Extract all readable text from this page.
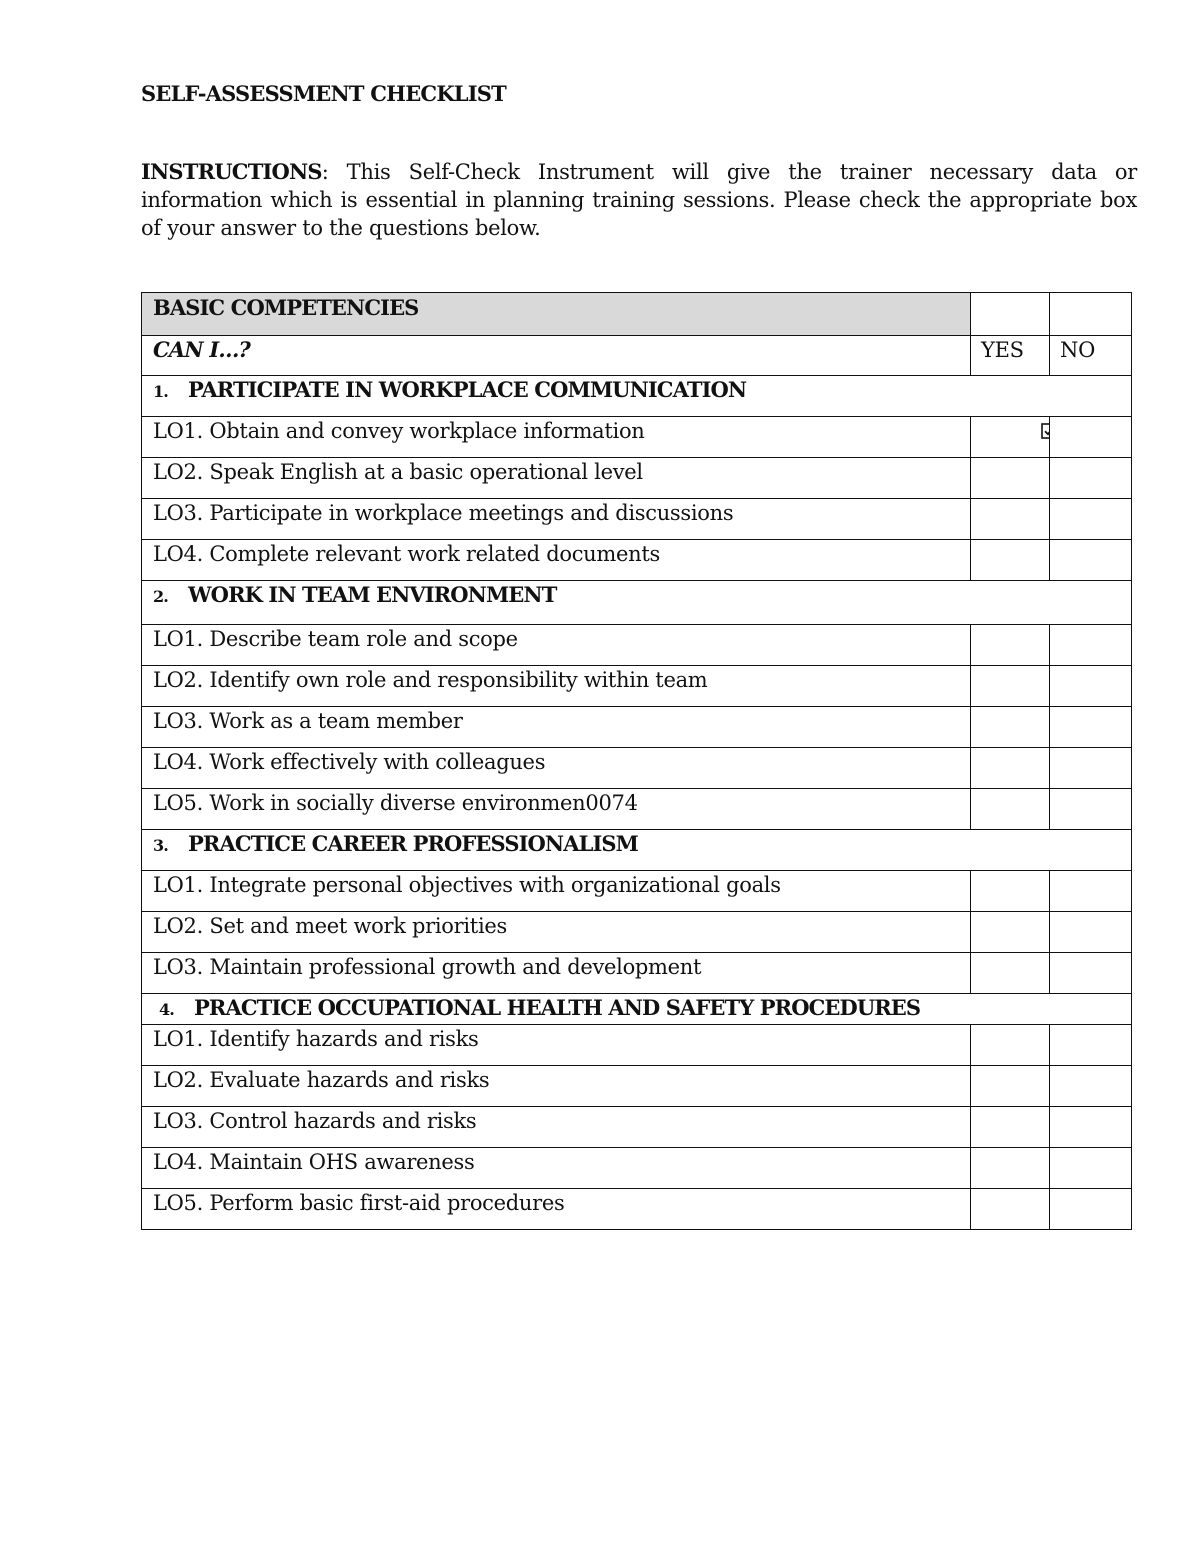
SELF-ASSESSMENT CHECKLIST
INSTRUCTIONS: This Self-Check Instrument will give the trainer necessary data or information which is essential in planning training sessions. Please check the appropriate box of your answer to the questions below.
BASIC COMPETENCIES		
CAN I…?	YES	NO
1. PARTICIPATE IN WORKPLACE COMMUNICATION		
LO1. Obtain and convey workplace information	

LO2. Speak English at a basic operational level		
LO3. Participate in workplace meetings and discussions		
LO4. Complete relevant work related documents		
2. WORK IN TEAM ENVIRONMENT		
LO1. Describe team role and scope		
LO2. Identify own role and responsibility within team		
LO3. Work as a team member		
LO4. Work effectively with colleagues		
LO5. Work in socially diverse environmen0074		
3. PRACTICE CAREER PROFESSIONALISM		
LO1. Integrate personal objectives with organizational goals		
LO2. Set and meet work priorities		
LO3. Maintain professional growth and development		
4. PRACTICE OCCUPATIONAL HEALTH AND SAFETY PROCEDURES		
LO1. Identify hazards and risks		
LO2. Evaluate hazards and risks		
LO3. Control hazards and risks		
LO4. Maintain OHS awareness		
LO5. Perform basic first-aid procedures		
